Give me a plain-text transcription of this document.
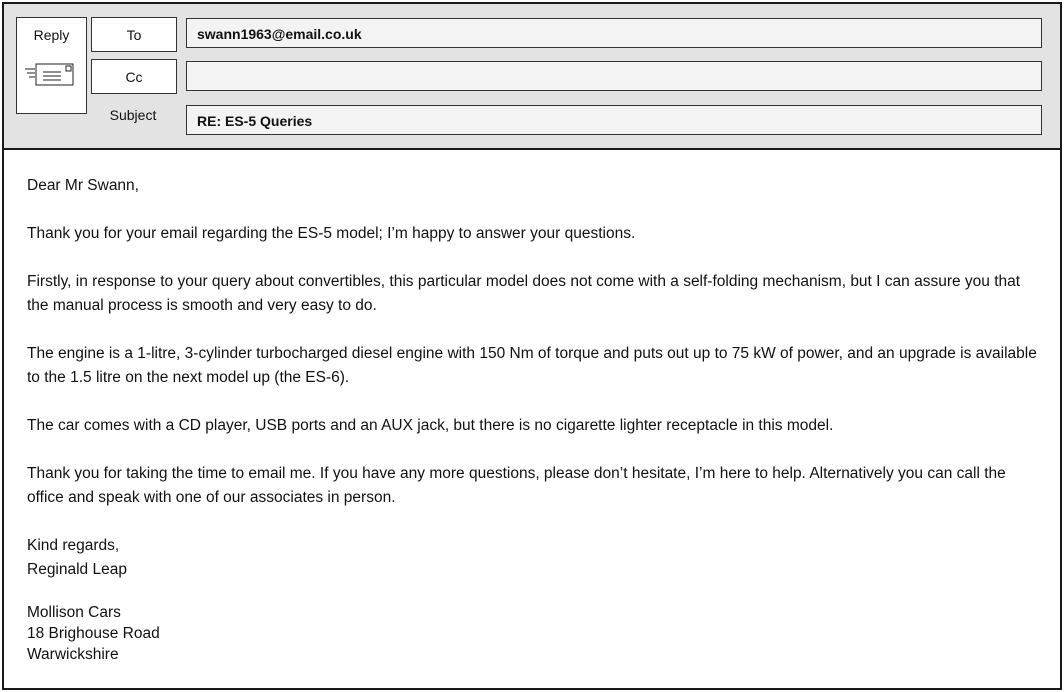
Reply	To
Cc
Subject
swann1963@email.co.uk
RE: ES-5 Queries

Dear Mr Swann,

Thank you for your email regarding the ES-5 model; I’m happy to answer your questions.

Firstly, in response to your query about convertibles, this particular model does not come with a self-folding mechanism, but I can assure you that the manual process is smooth and very easy to do.

The engine is a 1-litre, 3-cylinder turbocharged diesel engine with 150 Nm of torque and puts out up to 75 kW of power, and an upgrade is available to the 1.5 litre on the next model up (the ES-6).

The car comes with a CD player, USB ports and an AUX jack, but there is no cigarette lighter receptacle in this model.

Thank you for taking the time to email me. If you have any more questions, please don’t hesitate, I’m here to help. Alternatively you can call the office and speak with one of our associates in person.

Kind regards,
Reginald Leap
Mollison Cars
18 Brighouse Road
Warwickshire
